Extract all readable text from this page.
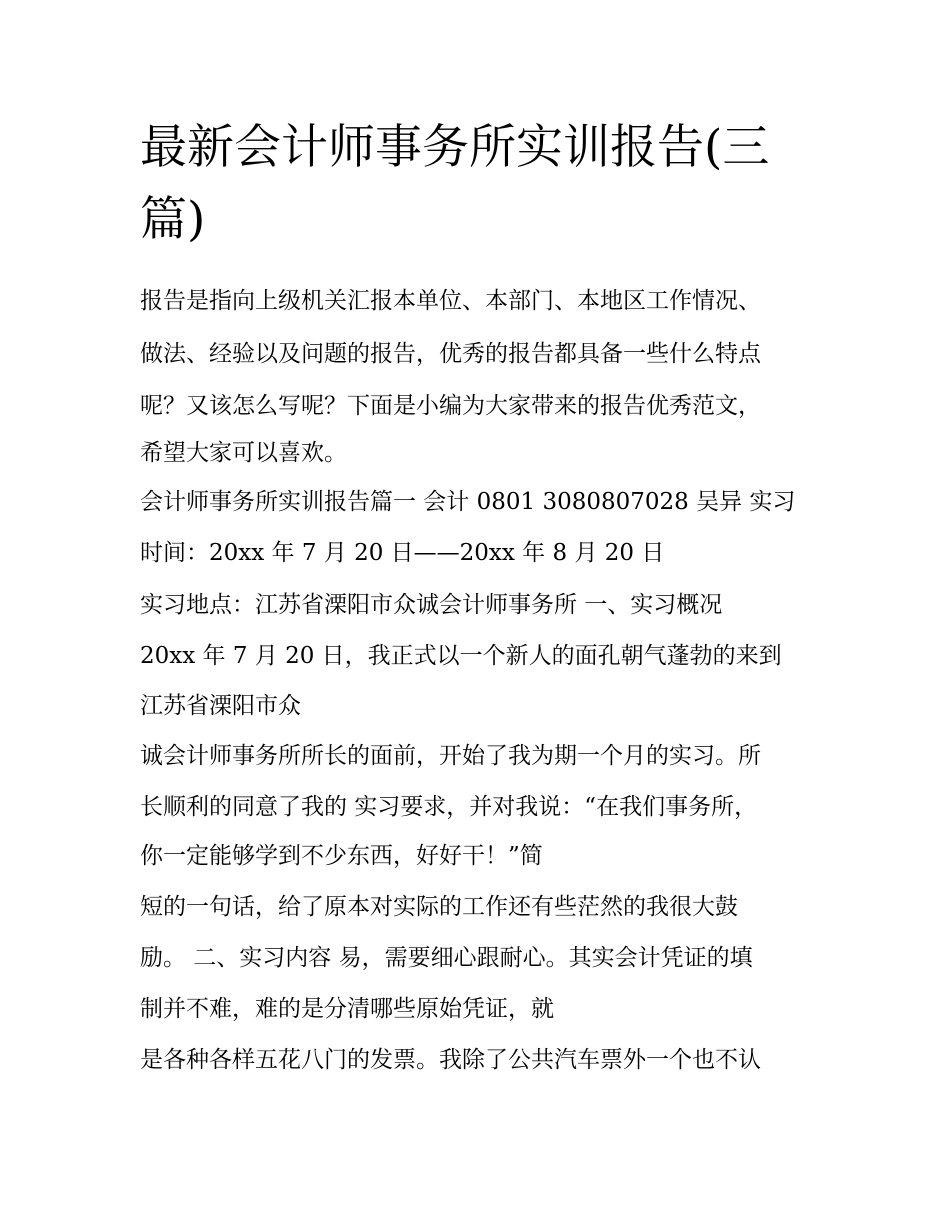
最新会计师事务所实训报告(三
篇)

报告是指向上级机关汇报本单位、本部门、本地区工作情况、

做法、经验以及问题的报告，优秀的报告都具备一些什么特点

呢？又该怎么写呢？下面是小编为大家带来的报告优秀范文，

希望大家可以喜欢。

会计师事务所实训报告篇一 会计 0801 3080807028 吴异 实习

时间：20xx 年 7 月 20 日——20xx 年 8 月 20 日

实习地点：江苏省溧阳市众诚会计师事务所 一、实习概况

20xx 年 7 月 20 日，我正式以一个新人的面孔朝气蓬勃的来到

江苏省溧阳市众

诚会计师事务所所长的面前，开始了我为期一个月的实习。所

长顺利的同意了我的 实习要求，并对我说：“在我们事务所，

你一定能够学到不少东西，好好干！”简

短的一句话，给了原本对实际的工作还有些茫然的我很大鼓

励。 二、实习内容 易，需要细心跟耐心。其实会计凭证的填

制并不难，难的是分清哪些原始凭证，就

是各种各样五花八门的发票。我除了公共汽车票外一个也不认
